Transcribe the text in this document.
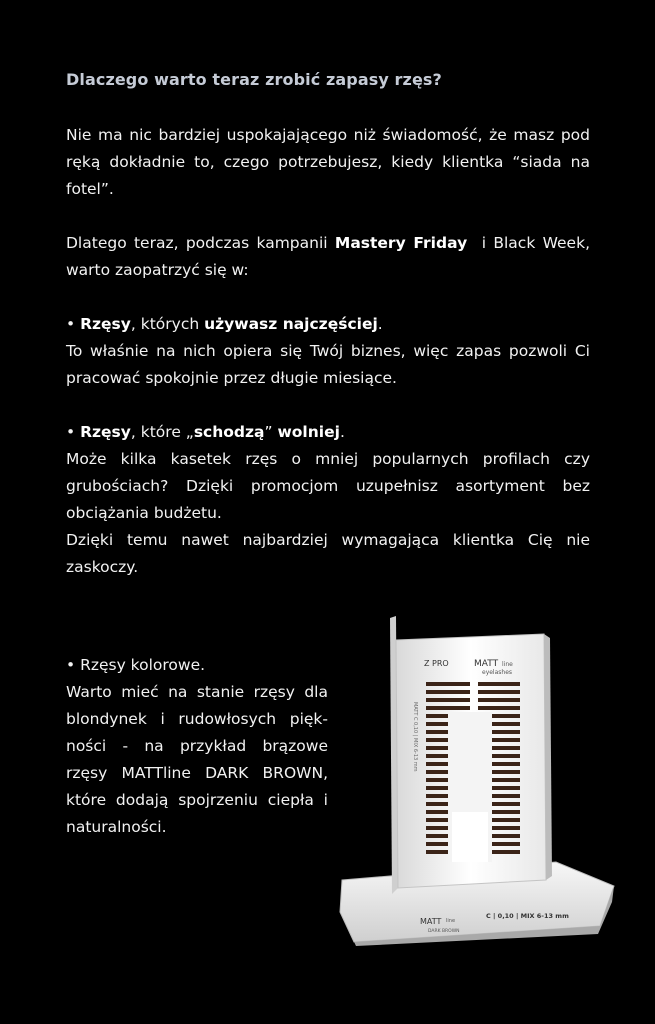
Dlaczego warto teraz zrobić zapasy rzęs?

Nie ma nic bardziej uspokajającego niż świadomość, że masz pod ręką dokładnie to, czego potrzebujesz, kiedy klientka “siada na fotel”.

Dlatego teraz, podczas kampanii Mastery Friday  i Black Week, warto zaopatrzyć się w:

• Rzęsy, których używasz najczęściej.

To właśnie na nich opiera się Twój biznes, więc zapas pozwoli Ci pracować spokojnie przez długie miesiące.

• Rzęsy, które „schodzą” wolniej.

Może kilka kasetek rzęs o mniej popularnych profilach czy grubościach? Dzięki promocjom uzupełnisz asortyment bez obciążania budżetu.

Dzięki temu nawet najbardziej wymagająca klientka Cię nie zaskoczy.

• Rzęsy kolorowe.
Warto mieć na stanie rzęsy dla blondynek i rudowłosych pięk-ności - na przykład brązowe rzęsy MATTline DARK BROWN, które dodają spojrzeniu ciepła i naturalności.
Z PRO	MATT line
eyelashes
MATT C 0,10 | MIX 6-13 mm
MATT line
DARK BROWN
C | 0,10 | MIX 6-13 mm
